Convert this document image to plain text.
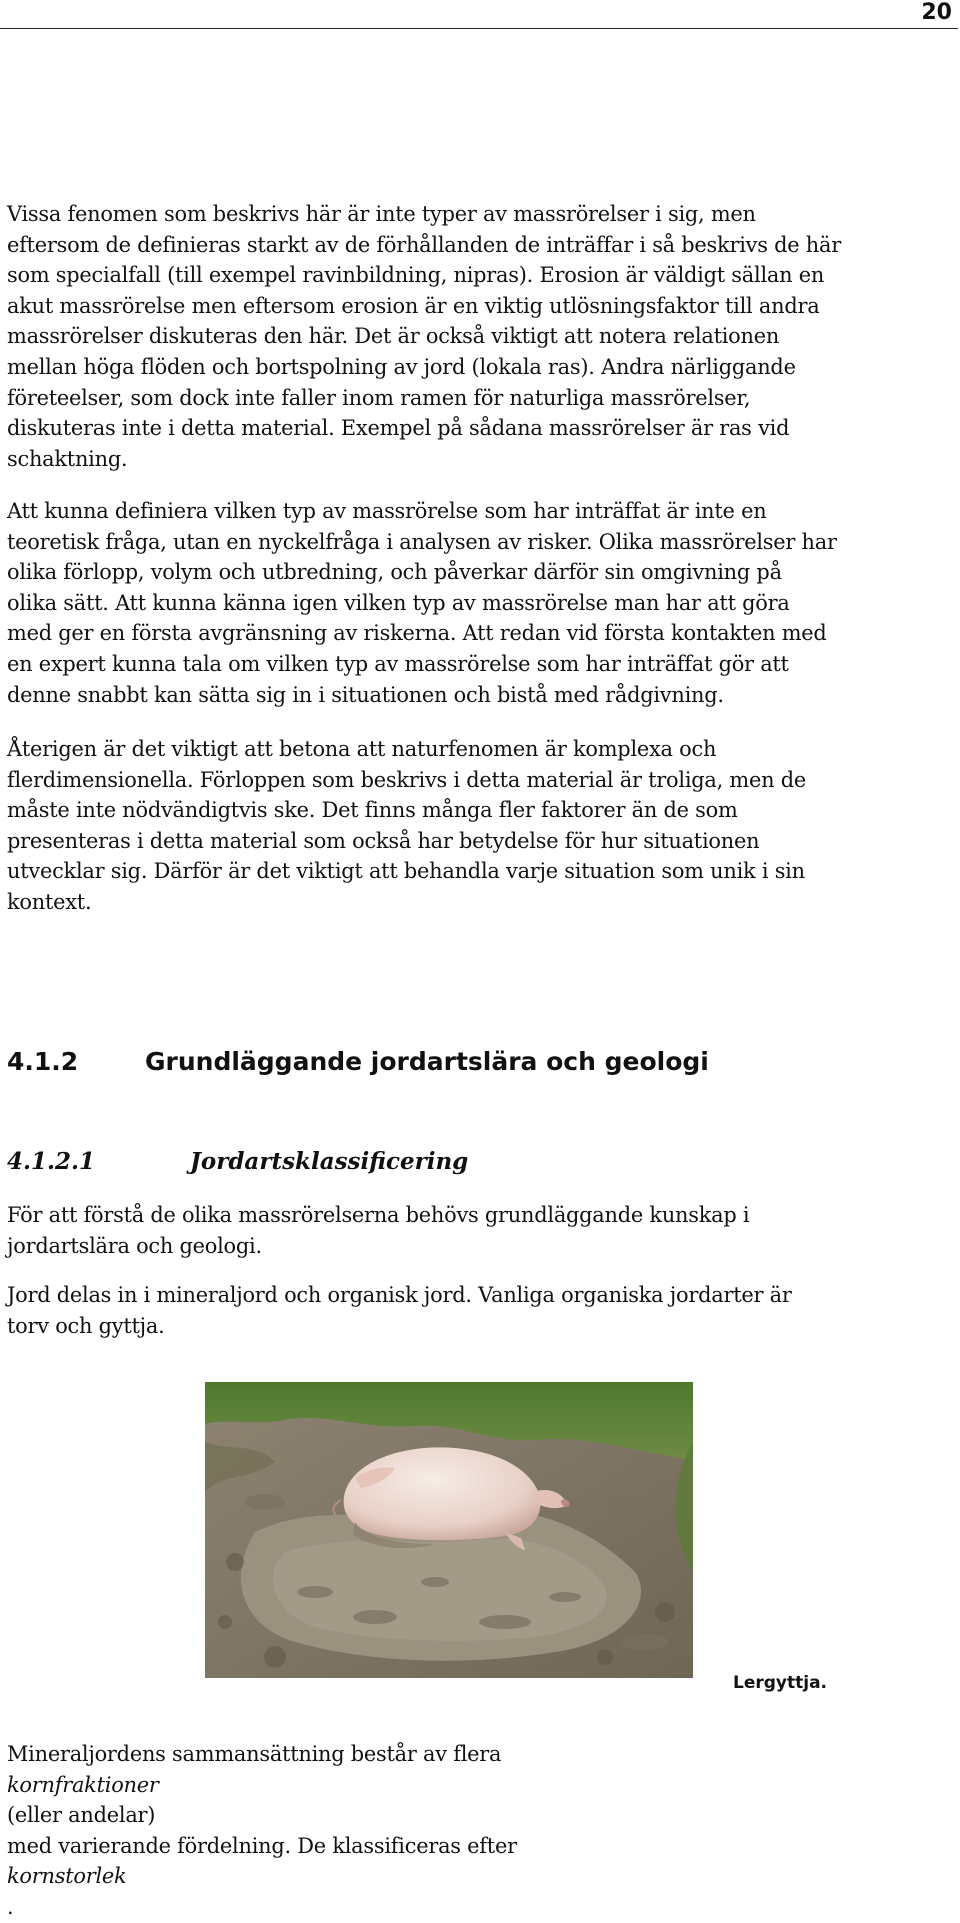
20

Vissa fenomen som beskrivs här är inte typer av massrörelser i sig, men
eftersom de definieras starkt av de förhållanden de inträffar i så beskrivs de här
som specialfall (till exempel ravinbildning, nipras). Erosion är väldigt sällan en
akut massrörelse men eftersom erosion är en viktig utlösningsfaktor till andra
massrörelser diskuteras den här. Det är också viktigt att notera relationen
mellan höga flöden och bortspolning av jord (lokala ras). Andra närliggande
företeelser, som dock inte faller inom ramen för naturliga massrörelser,
diskuteras inte i detta material. Exempel på sådana massrörelser är ras vid
schaktning.

Att kunna definiera vilken typ av massrörelse som har inträffat är inte en
teoretisk fråga, utan en nyckelfråga i analysen av risker. Olika massrörelser har
olika förlopp, volym och utbredning, och påverkar därför sin omgivning på
olika sätt. Att kunna känna igen vilken typ av massrörelse man har att göra
med ger en första avgränsning av riskerna. Att redan vid första kontakten med
en expert kunna tala om vilken typ av massrörelse som har inträffat gör att
denne snabbt kan sätta sig in i situationen och bistå med rådgivning.

Återigen är det viktigt att betona att naturfenomen är komplexa och
flerdimensionella. Förloppen som beskrivs i detta material är troliga, men de
måste inte nödvändigtvis ske. Det finns många fler faktorer än de som
presenteras i detta material som också har betydelse för hur situationen
utvecklar sig. Därför är det viktigt att behandla varje situation som unik i sin
kontext.

4.1.2	Grundläggande jordartslära och geologi
4.1.2.1	Jordartsklassificering

För att förstå de olika massrörelserna behövs grundläggande kunskap i
jordartslära och geologi.

Jord delas in i mineraljord och organisk jord. Vanliga organiska jordarter är
torv och gyttja.

Lergyttja.

Mineraljordens sammansättning består av flera
kornfraktioner
(eller andelar)
med varierande fördelning. De klassificeras efter
kornstorlek
.
